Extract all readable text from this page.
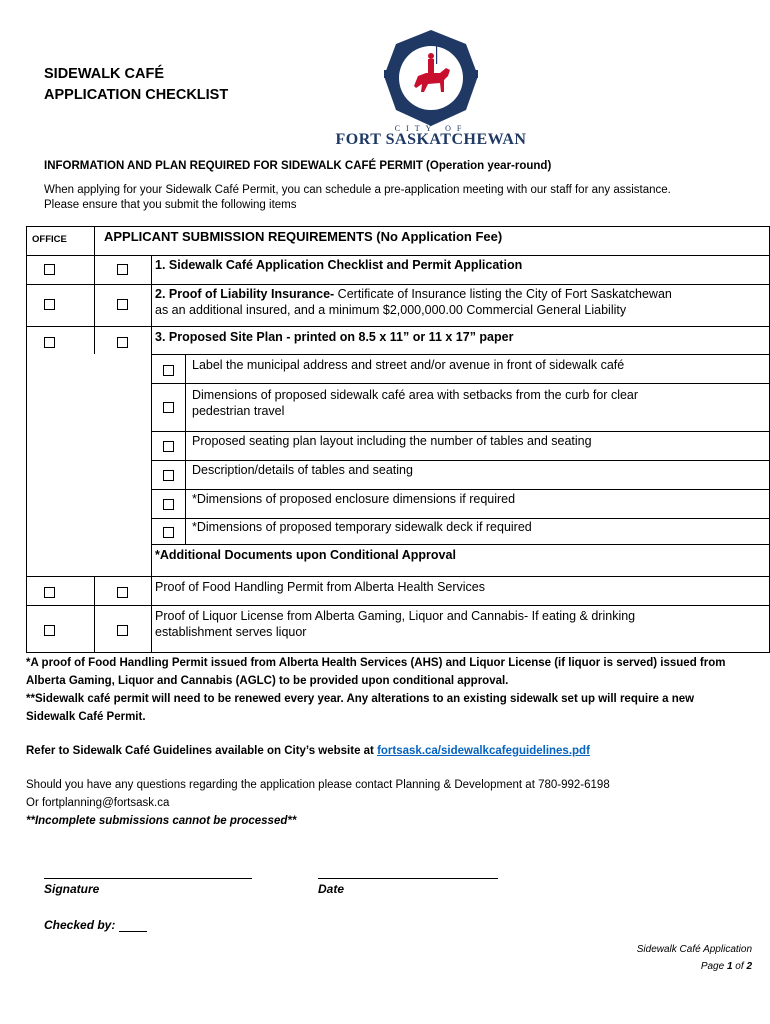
SIDEWALK CAFÉ
APPLICATION CHECKLIST
CITY OF
FORT SASKATCHEWAN
INFORMATION AND PLAN REQUIRED FOR SIDEWALK CAFÉ PERMIT (Operation year-round)
When applying for your Sidewalk Café Permit, you can schedule a pre-application meeting with our staff for any assistance.
Please ensure that you submit the following items
OFFICE	APPLICANT SUBMISSION REQUIREMENTS (No Application Fee)
1. Sidewalk Café Application Checklist and Permit Application
2. Proof of Liability Insurance- Certificate of Insurance listing the City of Fort Saskatchewan
as an additional insured, and a minimum $2,000,000.00 Commercial General Liability
3. Proposed Site Plan - printed on 8.5 x 11” or 11 x 17” paper
Label the municipal address and street and/or avenue in front of sidewalk café
Dimensions of proposed sidewalk café area with setbacks from the curb for clear
pedestrian travel
Proposed seating plan layout including the number of tables and seating
Description/details of tables and seating
*Dimensions of proposed enclosure dimensions if required
*Dimensions of proposed temporary sidewalk deck if required
*Additional Documents upon Conditional Approval
Proof of Food Handling Permit from Alberta Health Services
Proof of Liquor License from Alberta Gaming, Liquor and Cannabis- If eating & drinking
establishment serves liquor
*A proof of Food Handling Permit issued from Alberta Health Services (AHS) and Liquor License (if liquor is served) issued from
Alberta Gaming, Liquor and Cannabis (AGLC) to be provided upon conditional approval.
**Sidewalk café permit will need to be renewed every year. Any alterations to an existing sidewalk set up will require a new
Sidewalk Café Permit.
Refer to Sidewalk Café Guidelines available on City’s website at fortsask.ca/sidewalkcafeguidelines.pdf
Should you have any questions regarding the application please contact Planning & Development at 780-992-6198
Or fortplanning@fortsask.ca
**Incomplete submissions cannot be processed**
Signature	Date
Checked by:
Sidewalk Café Application
Page 1 of 2
